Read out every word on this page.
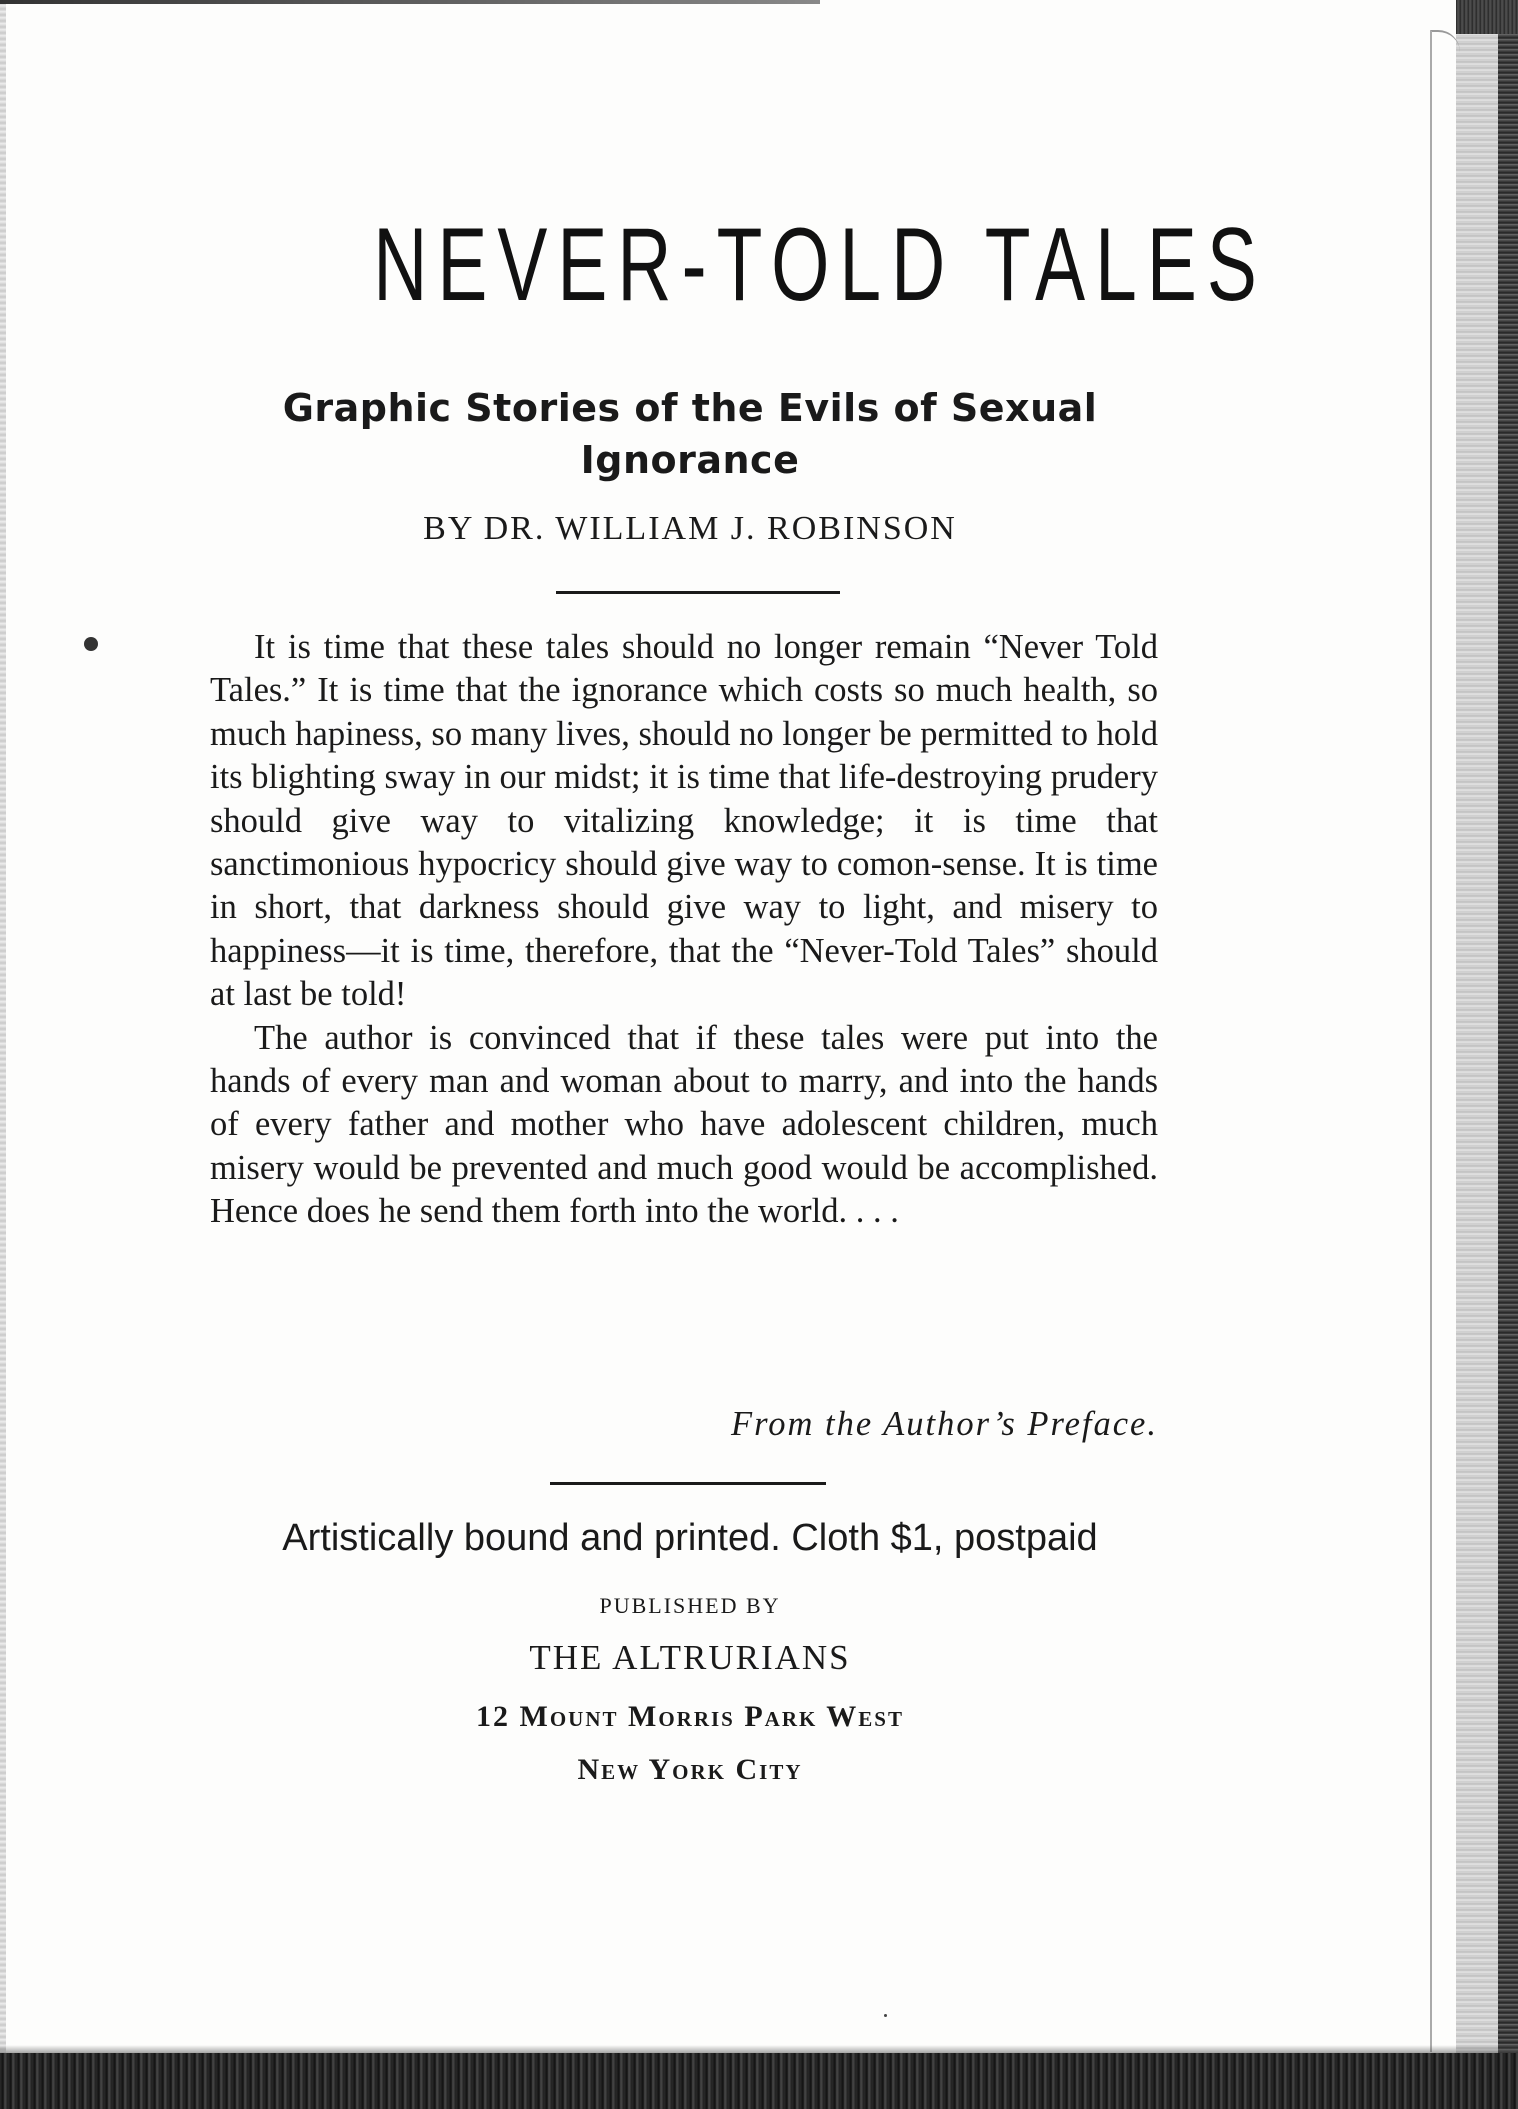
NEVER-TOLD TALES
Graphic Stories of the Evils of Sexual
Ignorance
BY DR. WILLIAM J. ROBINSON

It is time that these tales should no longer remain “Never Told Tales.” It is time that the ignorance which costs so much health, so much hapiness, so many lives, should no longer be permitted to hold its blighting sway in our midst; it is time that life-destroying prudery should give way to vitalizing knowledge; it is time that sanctimonious hypocricy should give way to comon-sense. It is time in short, that darkness should give way to light, and misery to happiness—it is time, therefore, that the “Never-Told Tales” should at last be told!

The author is convinced that if these tales were put into the hands of every man and woman about to marry, and into the hands of every father and mother who have adolescent children, much misery would be prevented and much good would be accomplished. Hence does he send them forth into the world. . . .

From the Author’s Preface.
Artistically bound and printed. Cloth $1, postpaid
PUBLISHED BY
THE ALTRURIANS
12 Mount Morris Park West
New York City
